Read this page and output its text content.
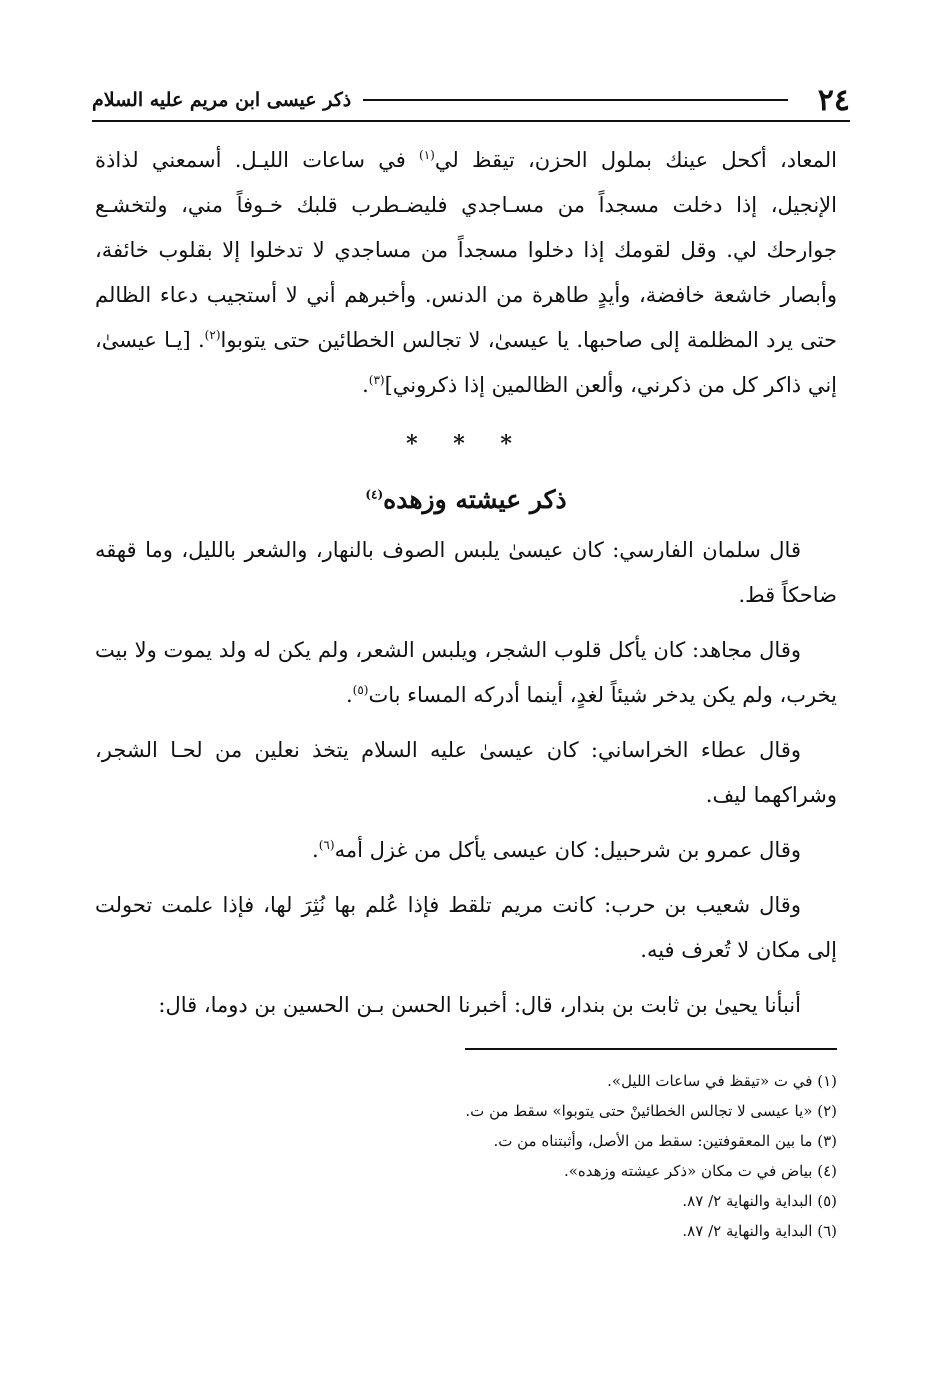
٢٤
ذكر عيسى ابن مريم عليه السلام

المعاد، أكحل عينك بملول الحزن، تيقظ لي$^{(١)}$ في ساعات الليـل. أسمعني لذاذة الإنجيل، إذا دخلت مسجداً من مسـاجدي فليضـطرب قلبك خـوفاً مني، ولتخشـع جوارحك لي. وقل لقومك إذا دخلوا مسجداً من مساجدي لا تدخلوا إلا بقلوب خائفة، وأبصار خاشعة خافضة، وأيدٍ طاهرة من الدنس. وأخبرهم أني لا أستجيب دعاء الظالم حتى يرد المظلمة إلى صاحبها. يا عيسىٰ، لا تجالس الخطائين حتى يتوبوا$^{(٢)}$. [يـا عيسىٰ، إني ذاكر كل من ذكرني، وألعن الظالمين إذا ذكروني]$^{(٣)}$.

* * *
ذكر عيشته وزهده$^{(٤)}$

قال سلمان الفارسي: كان عيسىٰ يلبس الصوف بالنهار، والشعر بالليل، وما قهقه ضاحكاً قط.

وقال مجاهد: كان يأكل قلوب الشجر، ويلبس الشعر، ولم يكن له ولد يموت ولا بيت يخرب، ولم يكن يدخر شيئاً لغدٍ، أينما أدركه المساء بات$^{(٥)}$.

وقال عطاء الخراساني: كان عيسىٰ عليه السلام يتخذ نعلين من لحـا الشجر، وشراكهما ليف.

وقال عمرو بن شرحبيل: كان عيسى يأكل من غزل أمه$^{(٦)}$.

وقال شعيب بن حرب: كانت مريم تلقط فإذا عُلم بها نُثِرَ لها، فإذا علمت تحولت إلى مكان لا تُعرف فيه.

أنبأنا يحيىٰ بن ثابت بن بندار، قال: أخبرنا الحسن بـن الحسين بن دوما، قال:

(١) في ت «تيقظ في ساعات الليل».
(٢) «يا عيسى لا تجالس الخطائينْ حتى يتوبوا» سقط من ت.
(٣) ما بين المعقوفتين: سقط من الأصل، وأثبتناه من ت.
(٤) بياض في ت مكان «ذكر عيشته وزهده».
(٥) البداية والنهاية ٢/ ٨٧.
(٦) البداية والنهاية ٢/ ٨٧.
